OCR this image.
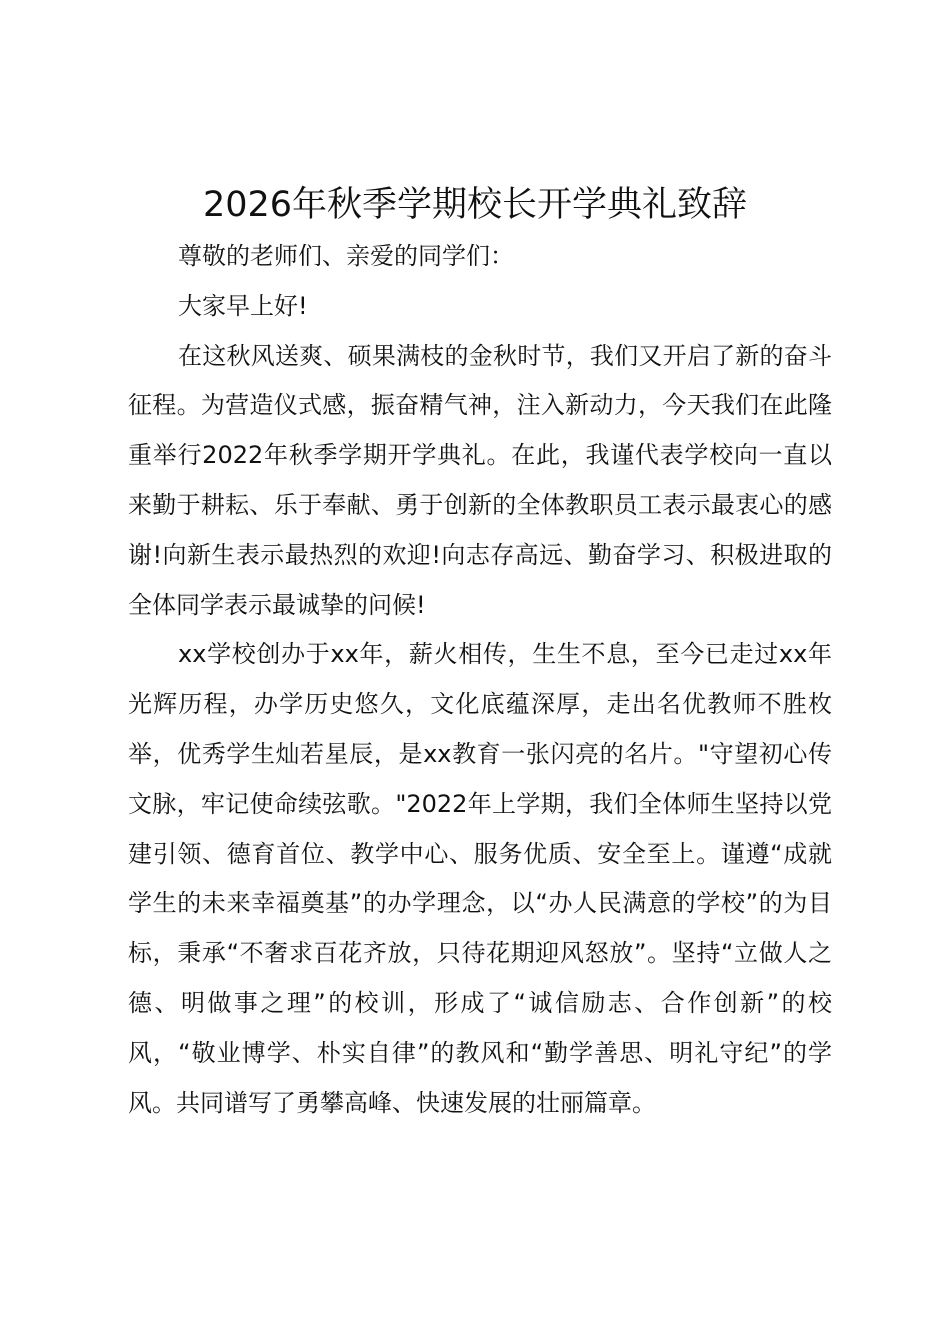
2026年秋季学期校长开学典礼致辞

尊敬的老师们、亲爱的同学们：

大家早上好!

在这秋风送爽、硕果满枝的金秋时节，我们又开启了新的奋斗征程。为营造仪式感，振奋精气神，注入新动力，今天我们在此隆重举行2022年秋季学期开学典礼。在此，我谨代表学校向一直以来勤于耕耘、乐于奉献、勇于创新的全体教职员工表示最衷心的感谢!向新生表示最热烈的欢迎!向志存高远、勤奋学习、积极进取的全体同学表示最诚挚的问候!

xx学校创办于xx年，薪火相传，生生不息，至今已走过xx年光辉历程，办学历史悠久，文化底蕴深厚，走出名优教师不胜枚举，优秀学生灿若星辰，是xx教育一张闪亮的名片。"守望初心传文脉，牢记使命续弦歌。"2022年上学期，我们全体师生坚持以党建引领、德育首位、教学中心、服务优质、安全至上。谨遵“成就学生的未来幸福奠基”的办学理念，以“办人民满意的学校”的为目标，秉承“不奢求百花齐放，只待花期迎风怒放”。坚持“立做人之德、明做事之理”的校训，形成了“诚信励志、合作创新”的校风，“敬业博学、朴实自律”的教风和“勤学善思、明礼守纪”的学风。共同谱写了勇攀高峰、快速发展的壮丽篇章。
